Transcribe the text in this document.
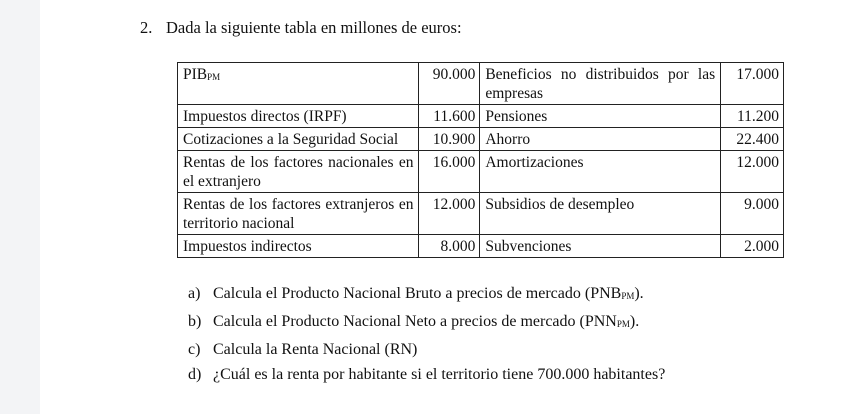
2. Dada la siguiente tabla en millones de euros:
PIBPM	90.000	Beneficios no distribuidos por las empresas	17.000
Impuestos directos (IRPF)	11.600	Pensiones	11.200
Cotizaciones a la Seguridad Social	10.900	Ahorro	22.400
Rentas de los factores nacionales en el extranjero	16.000	Amortizaciones	12.000
Rentas de los factores extranjeros en territorio nacional	12.000	Subsidios de desempleo	9.000
Impuestos indirectos	8.000	Subvenciones	2.000
a) Calcula el Producto Nacional Bruto a precios de mercado (PNBPM).
b) Calcula el Producto Nacional Neto a precios de mercado (PNNPM).
c) Calcula la Renta Nacional (RN)
d) ¿Cuál es la renta por habitante si el territorio tiene 700.000 habitantes?
